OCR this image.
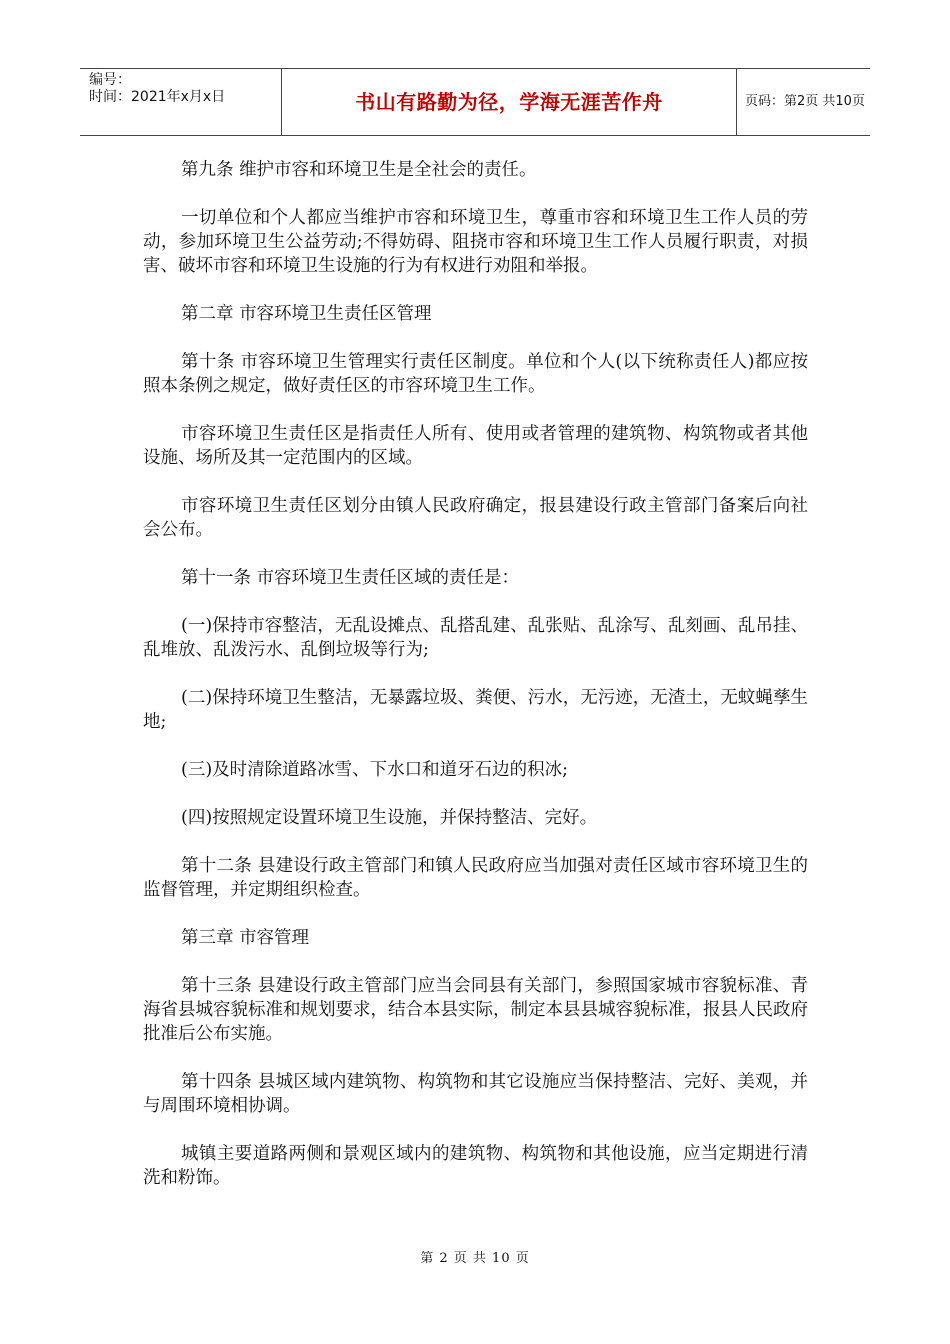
编号：
时间：2021年x月x日	书山有路勤为径，学海无涯苦作舟	页码：第2页 共10页

第九条 维护市容和环境卫生是全社会的责任。

一切单位和个人都应当维护市容和环境卫生，尊重市容和环境卫生工作人员的劳动，参加环境卫生公益劳动;不得妨碍、阻挠市容和环境卫生工作人员履行职责，对损害、破坏市容和环境卫生设施的行为有权进行劝阻和举报。

第二章 市容环境卫生责任区管理

第十条 市容环境卫生管理实行责任区制度。单位和个人(以下统称责任人)都应按照本条例之规定，做好责任区的市容环境卫生工作。

市容环境卫生责任区是指责任人所有、使用或者管理的建筑物、构筑物或者其他设施、场所及其一定范围内的区域。

市容环境卫生责任区划分由镇人民政府确定，报县建设行政主管部门备案后向社会公布。

第十一条 市容环境卫生责任区域的责任是：

(一)保持市容整洁，无乱设摊点、乱搭乱建、乱张贴、乱涂写、乱刻画、乱吊挂、乱堆放、乱泼污水、乱倒垃圾等行为;

(二)保持环境卫生整洁，无暴露垃圾、粪便、污水，无污迹，无渣土，无蚊蝇孳生地;

(三)及时清除道路冰雪、下水口和道牙石边的积冰;

(四)按照规定设置环境卫生设施，并保持整洁、完好。

第十二条 县建设行政主管部门和镇人民政府应当加强对责任区域市容环境卫生的监督管理，并定期组织检查。

第三章 市容管理

第十三条 县建设行政主管部门应当会同县有关部门，参照国家城市容貌标准、青海省县城容貌标准和规划要求，结合本县实际，制定本县县城容貌标准，报县人民政府批准后公布实施。

第十四条 县城区域内建筑物、构筑物和其它设施应当保持整洁、完好、美观，并与周围环境相协调。

城镇主要道路两侧和景观区域内的建筑物、构筑物和其他设施，应当定期进行清洗和粉饰。

第 2 页 共 10 页
